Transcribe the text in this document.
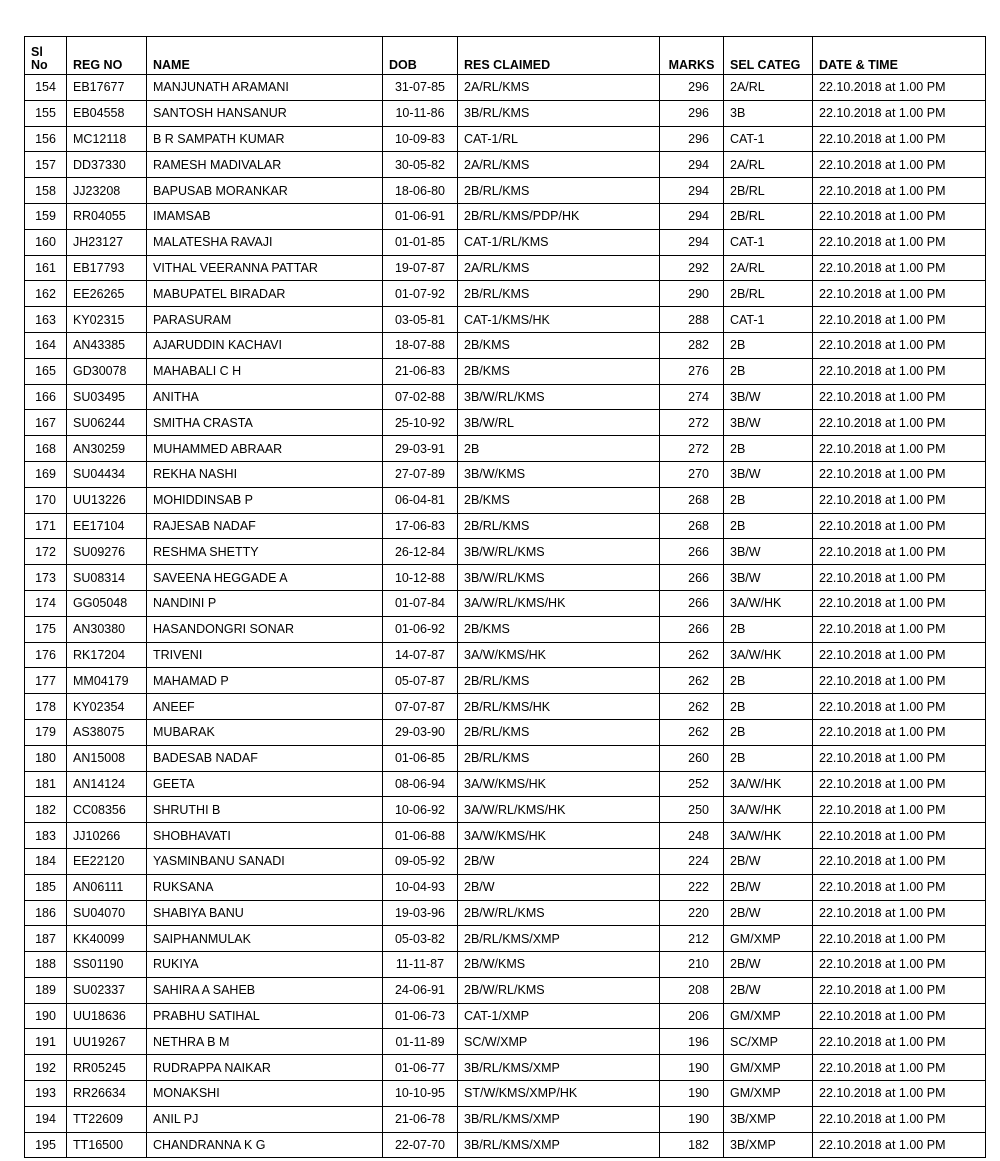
Sl
No	REG NO	NAME	DOB	RES CLAIMED	MARKS	SEL CATEG	DATE & TIME
154	EB17677	MANJUNATH ARAMANI	31-07-85	2A/RL/KMS	296	2A/RL	22.10.2018 at 1.00 PM
155	EB04558	SANTOSH HANSANUR	10-11-86	3B/RL/KMS	296	3B	22.10.2018 at 1.00 PM
156	MC12118	B R SAMPATH KUMAR	10-09-83	CAT-1/RL	296	CAT-1	22.10.2018 at 1.00 PM
157	DD37330	RAMESH MADIVALAR	30-05-82	2A/RL/KMS	294	2A/RL	22.10.2018 at 1.00 PM
158	JJ23208	BAPUSAB MORANKAR	18-06-80	2B/RL/KMS	294	2B/RL	22.10.2018 at 1.00 PM
159	RR04055	IMAMSAB	01-06-91	2B/RL/KMS/PDP/HK	294	2B/RL	22.10.2018 at 1.00 PM
160	JH23127	MALATESHA RAVAJI	01-01-85	CAT-1/RL/KMS	294	CAT-1	22.10.2018 at 1.00 PM
161	EB17793	VITHAL VEERANNA PATTAR	19-07-87	2A/RL/KMS	292	2A/RL	22.10.2018 at 1.00 PM
162	EE26265	MABUPATEL BIRADAR	01-07-92	2B/RL/KMS	290	2B/RL	22.10.2018 at 1.00 PM
163	KY02315	PARASURAM	03-05-81	CAT-1/KMS/HK	288	CAT-1	22.10.2018 at 1.00 PM
164	AN43385	AJARUDDIN KACHAVI	18-07-88	2B/KMS	282	2B	22.10.2018 at 1.00 PM
165	GD30078	MAHABALI C H	21-06-83	2B/KMS	276	2B	22.10.2018 at 1.00 PM
166	SU03495	ANITHA	07-02-88	3B/W/RL/KMS	274	3B/W	22.10.2018 at 1.00 PM
167	SU06244	SMITHA CRASTA	25-10-92	3B/W/RL	272	3B/W	22.10.2018 at 1.00 PM
168	AN30259	MUHAMMED ABRAAR	29-03-91	2B	272	2B	22.10.2018 at 1.00 PM
169	SU04434	REKHA NASHI	27-07-89	3B/W/KMS	270	3B/W	22.10.2018 at 1.00 PM
170	UU13226	MOHIDDINSAB P	06-04-81	2B/KMS	268	2B	22.10.2018 at 1.00 PM
171	EE17104	RAJESAB NADAF	17-06-83	2B/RL/KMS	268	2B	22.10.2018 at 1.00 PM
172	SU09276	RESHMA SHETTY	26-12-84	3B/W/RL/KMS	266	3B/W	22.10.2018 at 1.00 PM
173	SU08314	SAVEENA HEGGADE A	10-12-88	3B/W/RL/KMS	266	3B/W	22.10.2018 at 1.00 PM
174	GG05048	NANDINI P	01-07-84	3A/W/RL/KMS/HK	266	3A/W/HK	22.10.2018 at 1.00 PM
175	AN30380	HASANDONGRI SONAR	01-06-92	2B/KMS	266	2B	22.10.2018 at 1.00 PM
176	RK17204	TRIVENI	14-07-87	3A/W/KMS/HK	262	3A/W/HK	22.10.2018 at 1.00 PM
177	MM04179	MAHAMAD P	05-07-87	2B/RL/KMS	262	2B	22.10.2018 at 1.00 PM
178	KY02354	ANEEF	07-07-87	2B/RL/KMS/HK	262	2B	22.10.2018 at 1.00 PM
179	AS38075	MUBARAK	29-03-90	2B/RL/KMS	262	2B	22.10.2018 at 1.00 PM
180	AN15008	BADESAB NADAF	01-06-85	2B/RL/KMS	260	2B	22.10.2018 at 1.00 PM
181	AN14124	GEETA	08-06-94	3A/W/KMS/HK	252	3A/W/HK	22.10.2018 at 1.00 PM
182	CC08356	SHRUTHI B	10-06-92	3A/W/RL/KMS/HK	250	3A/W/HK	22.10.2018 at 1.00 PM
183	JJ10266	SHOBHAVATI	01-06-88	3A/W/KMS/HK	248	3A/W/HK	22.10.2018 at 1.00 PM
184	EE22120	YASMINBANU SANADI	09-05-92	2B/W	224	2B/W	22.10.2018 at 1.00 PM
185	AN06111	RUKSANA	10-04-93	2B/W	222	2B/W	22.10.2018 at 1.00 PM
186	SU04070	SHABIYA BANU	19-03-96	2B/W/RL/KMS	220	2B/W	22.10.2018 at 1.00 PM
187	KK40099	SAIPHANMULAK	05-03-82	2B/RL/KMS/XMP	212	GM/XMP	22.10.2018 at 1.00 PM
188	SS01190	RUKIYA	11-11-87	2B/W/KMS	210	2B/W	22.10.2018 at 1.00 PM
189	SU02337	SAHIRA A SAHEB	24-06-91	2B/W/RL/KMS	208	2B/W	22.10.2018 at 1.00 PM
190	UU18636	PRABHU SATIHAL	01-06-73	CAT-1/XMP	206	GM/XMP	22.10.2018 at 1.00 PM
191	UU19267	NETHRA B M	01-11-89	SC/W/XMP	196	SC/XMP	22.10.2018 at 1.00 PM
192	RR05245	RUDRAPPA NAIKAR	01-06-77	3B/RL/KMS/XMP	190	GM/XMP	22.10.2018 at 1.00 PM
193	RR26634	MONAKSHI	10-10-95	ST/W/KMS/XMP/HK	190	GM/XMP	22.10.2018 at 1.00 PM
194	TT22609	ANIL PJ	21-06-78	3B/RL/KMS/XMP	190	3B/XMP	22.10.2018 at 1.00 PM
195	TT16500	CHANDRANNA K G	22-07-70	3B/RL/KMS/XMP	182	3B/XMP	22.10.2018 at 1.00 PM
